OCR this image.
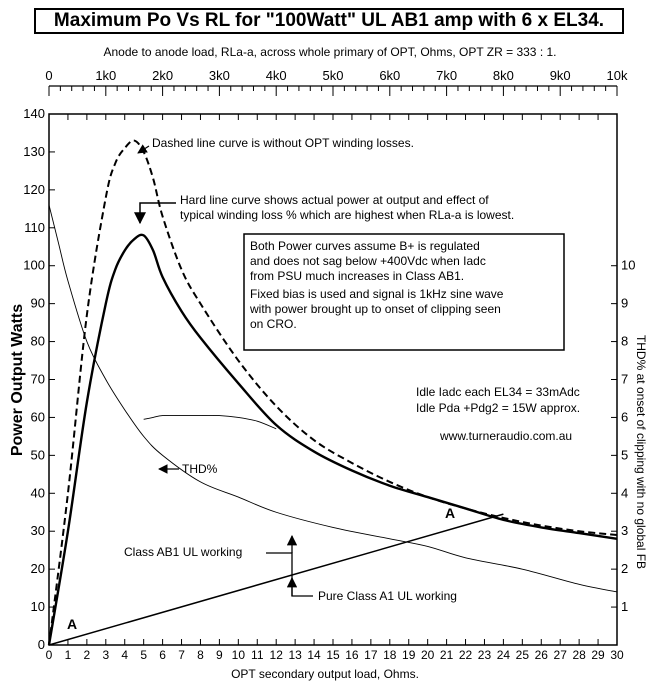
Maximum Po Vs RL for "100Watt" UL AB1 amp with 6 x EL34.
Anode to anode load, RLa-a, across whole primary of OPT, Ohms, OPT ZR = 333 : 1.
Power Output Watts	THD% at onset of clipping with no global FB
OPT secondary output load, Ohms.
0 1 2 3 4 5 6 7 8 9 10 11 12 13 14 15 16 17 18 19 20 21 22 23 24 25 26 27 28 29 30
0	1k0	2k0	3k0	4k0	5k0	6k0	7k0	8k0	9k0	10k
0
10
20
30
40
50
60
70
80
90
100
110
120
130
140
1
2
3
4
5
6
7
8
9
10
Dashed line curve is without OPT winding losses.
Hard line curve shows actual power at output and effect of
typical winding loss % which are highest when RLa-a is lowest.
Both Power curves assume B+ is regulated
and does not sag below +400Vdc when Iadc
from PSU much increases in Class AB1.
Fixed bias is used and signal is 1kHz sine wave
with power brought up to onset of clipping seen
on CRO.
Idle Iadc each EL34 = 33mAdc
Idle Pda +Pdg2 = 15W approx.
www.turneraudio.com.au
THD%
Class AB1 UL working
Pure Class A1 UL working
A
A
